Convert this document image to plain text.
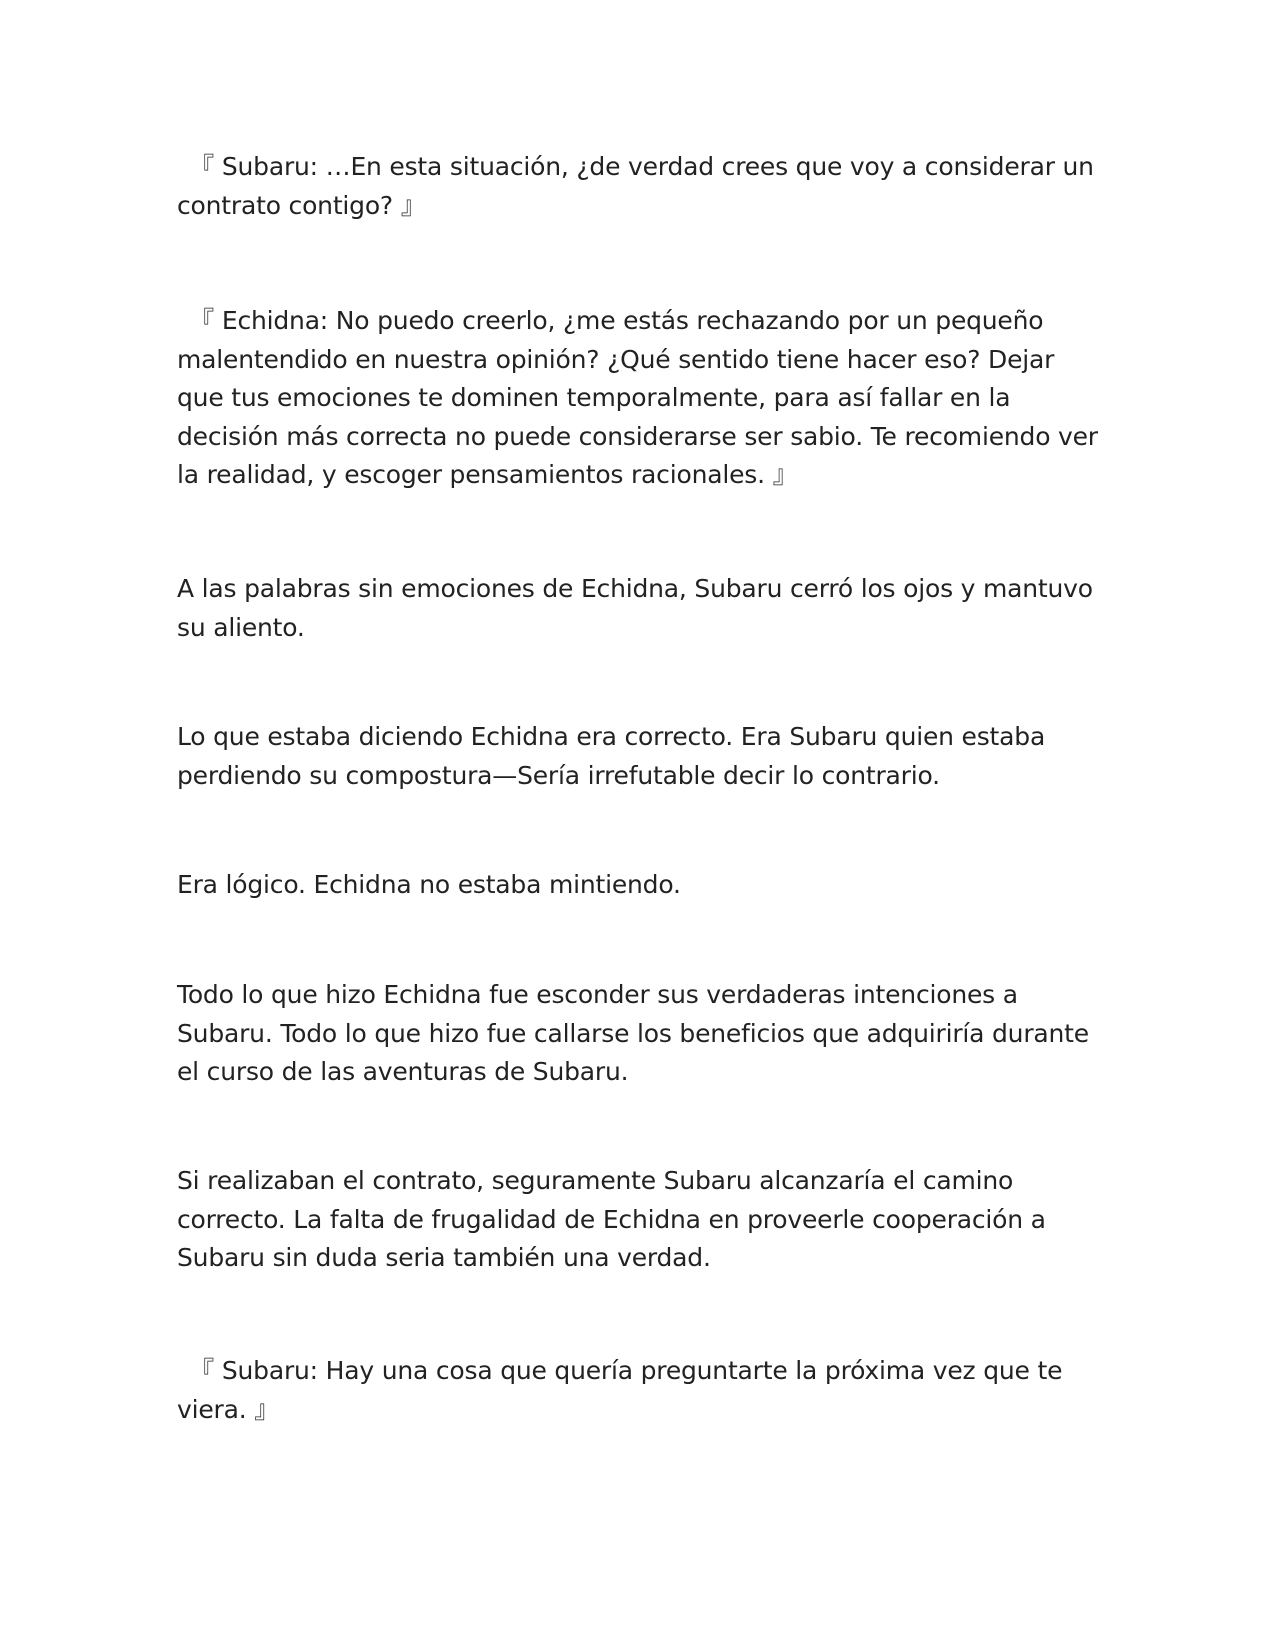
　『 Subaru: …En esta situación, ¿de verdad crees que voy a considerar un contrato contigo? 』

　『 Echidna: No puedo creerlo, ¿me estás rechazando por un pequeño malentendido en nuestra opinión? ¿Qué sentido tiene hacer eso? Dejar que tus emociones te dominen temporalmente, para así fallar en la decisión más correcta no puede considerarse ser sabio. Te recomiendo ver la realidad, y escoger pensamientos racionales. 』

A las palabras sin emociones de Echidna, Subaru cerró los ojos y mantuvo su aliento.

Lo que estaba diciendo Echidna era correcto. Era Subaru quien estaba perdiendo su compostura—Sería irrefutable decir lo contrario.

Era lógico. Echidna no estaba mintiendo.

Todo lo que hizo Echidna fue esconder sus verdaderas intenciones a Subaru. Todo lo que hizo fue callarse los beneficios que adquiriría durante el curso de las aventuras de Subaru.

Si realizaban el contrato, seguramente Subaru alcanzaría el camino correcto. La falta de frugalidad de Echidna en proveerle cooperación a Subaru sin duda seria también una verdad.

　『 Subaru: Hay una cosa que quería preguntarte la próxima vez que te viera. 』
